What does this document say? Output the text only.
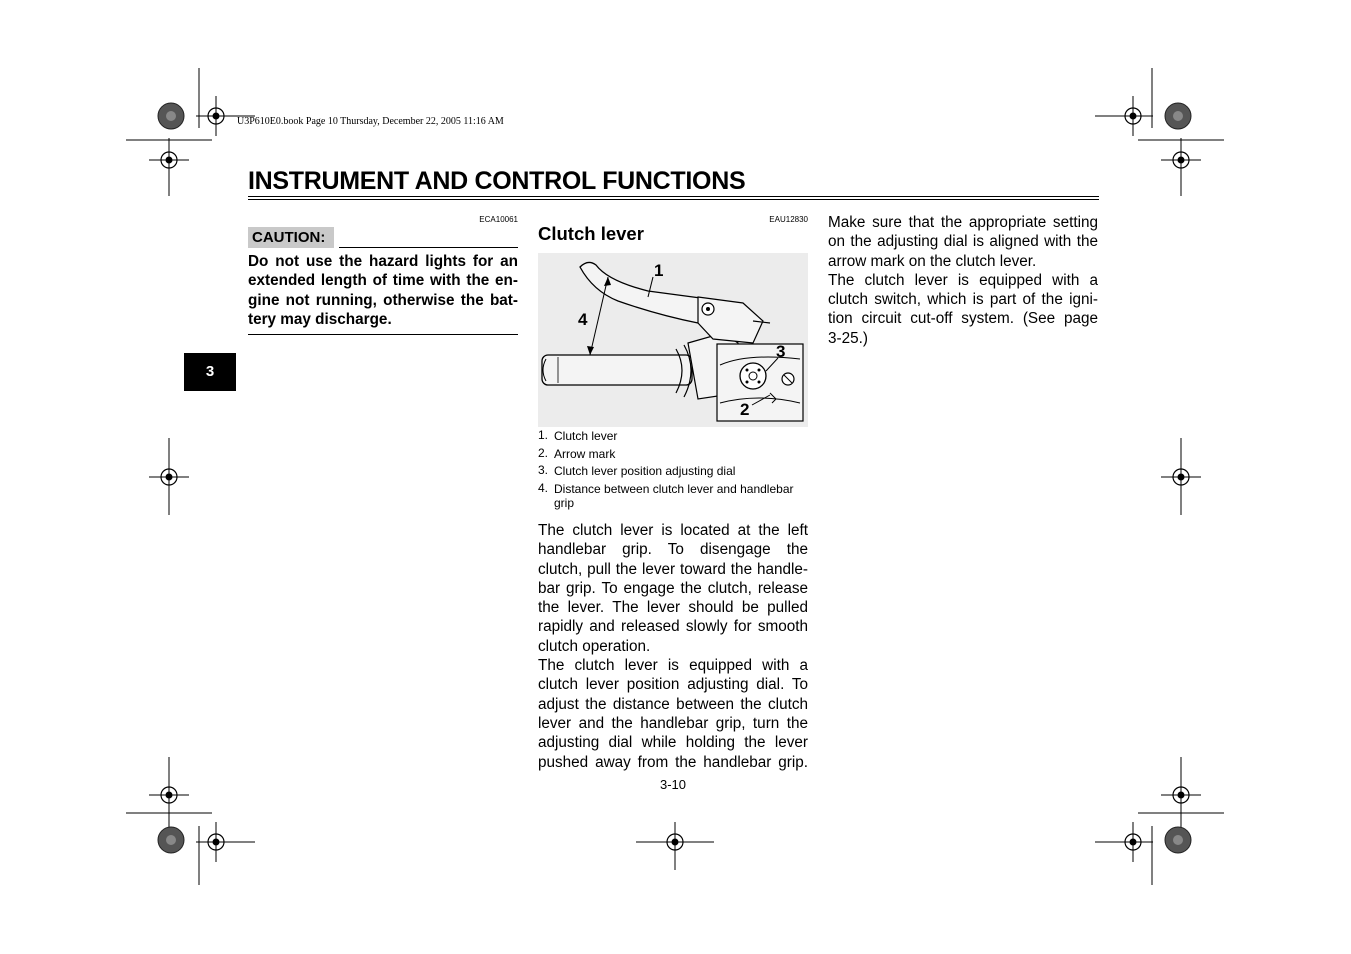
U3P610E0.book Page 10 Thursday, December 22, 2005 11:16 AM
INSTRUMENT AND CONTROL FUNCTIONS
3
ECA10061
CAUTION:
Do not use the hazard lights for an
extended length of time with the en-
gine not running, otherwise the bat-
tery may discharge.
EAU12830
Clutch lever
1
2
3
4
1. Clutch lever
2. Arrow mark
3. Clutch lever position adjusting dial
4. Distance between clutch lever and handlebar grip
The clutch lever is located at the left
handlebar grip. To disengage the
clutch, pull the lever toward the handle-
bar grip. To engage the clutch, release
the lever. The lever should be pulled
rapidly and released slowly for smooth
clutch operation.
The clutch lever is equipped with a
clutch lever position adjusting dial. To
adjust the distance between the clutch
lever and the handlebar grip, turn the
adjusting dial while holding the lever
pushed away from the handlebar grip.
Make sure that the appropriate setting
on the adjusting dial is aligned with the
arrow mark on the clutch lever.
The clutch lever is equipped with a
clutch switch, which is part of the igni-
tion circuit cut-off system. (See page
3-25.)
3-10
